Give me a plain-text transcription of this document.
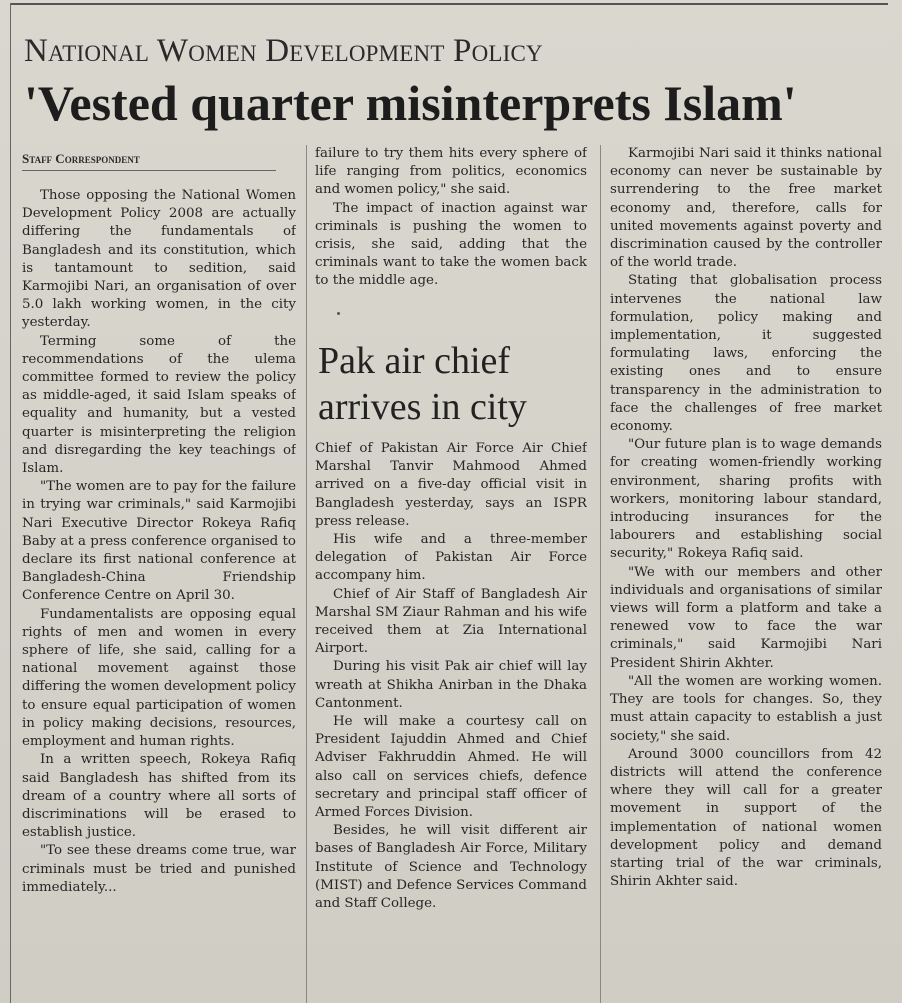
National Women Development Policy
'Vested quarter misinterprets Islam'
Staff Correspondent

Those opposing the National Women Development Policy 2008 are actually differing the fundamentals of Bangladesh and its constitution, which is tantamount to sedition, said Karmojibi Nari, an organisation of over 5.0 lakh working women, in the city yesterday.

Terming some of the recommendations of the ulema committee formed to review the policy as middle-aged, it said Islam speaks of equality and humanity, but a vested quarter is misinterpreting the religion and disregarding the key teachings of Islam.

"The women are to pay for the failure in trying war criminals," said Karmojibi Nari Executive Director Rokeya Rafiq Baby at a press conference organised to declare its first national conference at Bangladesh-China Friendship Conference Centre on April 30.

Fundamentalists are opposing equal rights of men and women in every sphere of life, she said, calling for a national movement against those differing the women development policy to ensure equal participation of women in policy making decisions, resources, employment and human rights.

In a written speech, Rokeya Rafiq said Bangladesh has shifted from its dream of a country where all sorts of discriminations will be erased to establish justice.

"To see these dreams come true, war criminals must be tried and punished immediately...

failure to try them hits every sphere of life ranging from politics, economics and women policy," she said.

The impact of inaction against war criminals is pushing the women to crisis, she said, adding that the criminals want to take the women back to the middle age.

Pak air chief arrives in city

Chief of Pakistan Air Force Air Chief Marshal Tanvir Mahmood Ahmed arrived on a five-day official visit in Bangladesh yesterday, says an ISPR press release.

His wife and a three-member delegation of Pakistan Air Force accompany him.

Chief of Air Staff of Bangladesh Air Marshal SM Ziaur Rahman and his wife received them at Zia International Airport.

During his visit Pak air chief will lay wreath at Shikha Anirban in the Dhaka Cantonment.

He will make a courtesy call on President Iajuddin Ahmed and Chief Adviser Fakhruddin Ahmed. He will also call on services chiefs, defence secretary and principal staff officer of Armed Forces Division.

Besides, he will visit different air bases of Bangladesh Air Force, Military Institute of Science and Technology (MIST) and Defence Services Command and Staff College.

Karmojibi Nari said it thinks national economy can never be sustainable by surrendering to the free market economy and, therefore, calls for united movements against poverty and discrimination caused by the controller of the world trade.

Stating that globalisation process intervenes the national law formulation, policy making and implementation, it suggested formulating laws, enforcing the existing ones and to ensure transparency in the administration to face the challenges of free market economy.

"Our future plan is to wage demands for creating women-friendly working environment, sharing profits with workers, monitoring labour standard, introducing insurances for the labourers and establishing social security," Rokeya Rafiq said.

"We with our members and other individuals and organisations of similar views will form a platform and take a renewed vow to face the war criminals," said Karmojibi Nari President Shirin Akhter.

"All the women are working women. They are tools for changes. So, they must attain capacity to establish a just society," she said.

Around 3000 councillors from 42 districts will attend the conference where they will call for a greater movement in support of the implementation of national women development policy and demand starting trial of the war criminals, Shirin Akhter said.
